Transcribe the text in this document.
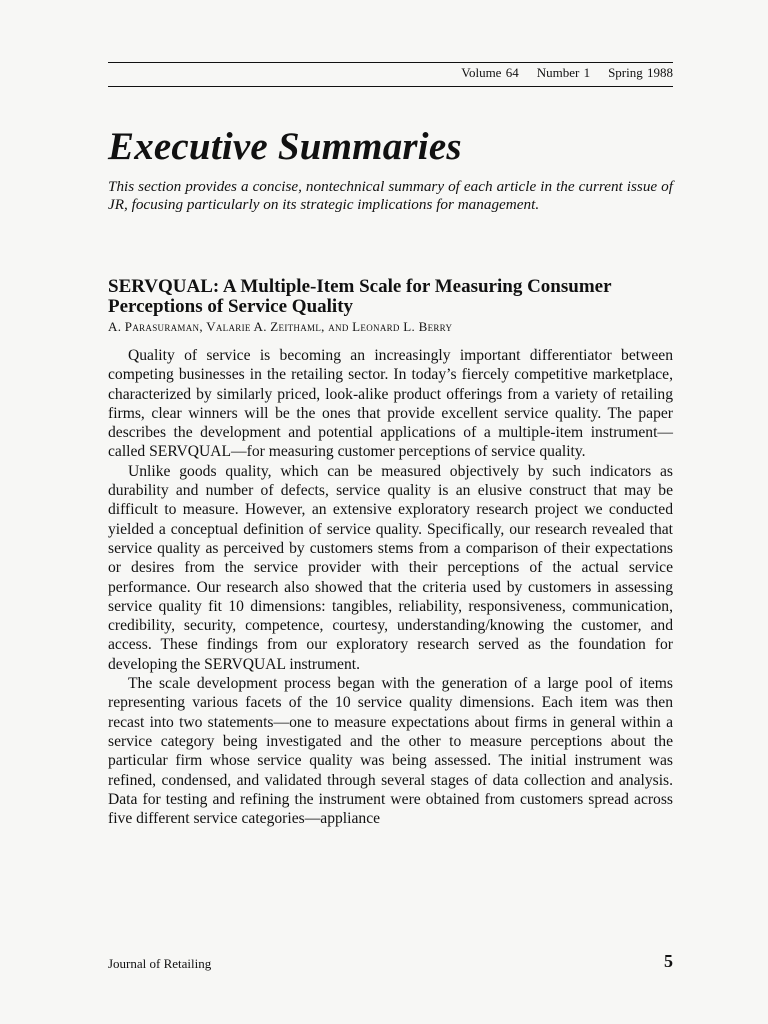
Volume 64 Number 1 Spring 1988
Executive Summaries

This section provides a concise, nontechnical summary of each article in the current issue of JR, focusing particularly on its strategic implications for management.

SERVQUAL: A Multiple-Item Scale for Measuring Consumer Perceptions of Service Quality
A. Parasuraman, Valarie A. Zeithaml, and Leonard L. Berry

Quality of service is becoming an increasingly important differentiator between competing businesses in the retailing sector. In today’s fiercely competitive marketplace, characterized by similarly priced, look-alike product offerings from a variety of retailing firms, clear winners will be the ones that provide excellent service quality. The paper describes the development and potential applications of a multiple-item instrument—called SERVQUAL—for measuring customer perceptions of service quality.

Unlike goods quality, which can be measured objectively by such indicators as durability and number of defects, service quality is an elusive construct that may be difficult to measure. However, an extensive exploratory research project we conducted yielded a conceptual definition of service quality. Specifically, our research revealed that service quality as perceived by customers stems from a comparison of their expectations or desires from the service provider with their perceptions of the actual service performance. Our research also showed that the criteria used by customers in assessing service quality fit 10 dimensions: tangibles, reliability, responsiveness, communication, credibility, security, competence, courtesy, understanding/knowing the customer, and access. These findings from our exploratory research served as the foundation for developing the SERVQUAL instrument.

The scale development process began with the generation of a large pool of items representing various facets of the 10 service quality dimensions. Each item was then recast into two statements—one to measure expectations about firms in general within a service category being investigated and the other to measure perceptions about the particular firm whose service quality was being assessed. The initial instrument was refined, condensed, and validated through several stages of data collection and analysis. Data for testing and refining the instrument were obtained from customers spread across five different service categories—appliance

Journal of Retailing	5
